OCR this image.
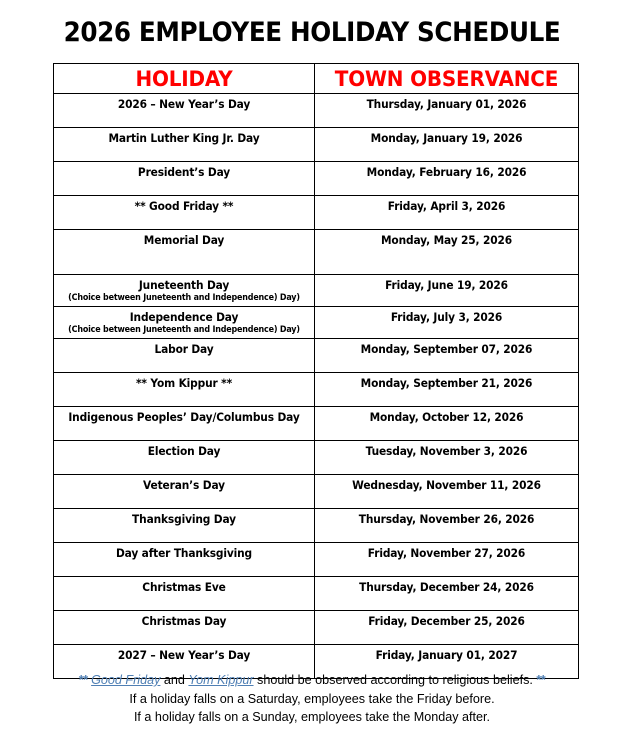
2026 EMPLOYEE HOLIDAY SCHEDULE
HOLIDAY	TOWN OBSERVANCE

2026 – New Year’s Day	Thursday, January 01, 2026

Martin Luther King Jr. Day	Monday, January 19, 2026

President’s Day	Monday, February 16, 2026

** Good Friday **	Friday, April 3, 2026

Memorial Day	Monday, May 25, 2026

Juneteenth Day
(Choice between Juneteenth and Independence) Day)	Friday, June 19, 2026

Independence Day
(Choice between Juneteenth and Independence) Day)	Friday, July 3, 2026

Labor Day	Monday, September 07, 2026

** Yom Kippur **	Monday, September 21, 2026

Indigenous Peoples’ Day/Columbus Day	Monday, October 12, 2026

Election Day	Tuesday, November 3, 2026

Veteran’s Day	Wednesday, November 11, 2026

Thanksgiving Day	Thursday, November 26, 2026

Day after Thanksgiving	Friday, November 27, 2026

Christmas Eve	Thursday, December 24, 2026

Christmas Day	Friday, December 25, 2026

2027 – New Year’s Day	Friday, January 01, 2027
** Good Friday and Yom Kippur should be observed according to religious beliefs. **
If a holiday falls on a Saturday, employees take the Friday before.
If a holiday falls on a Sunday, employees take the Monday after.
